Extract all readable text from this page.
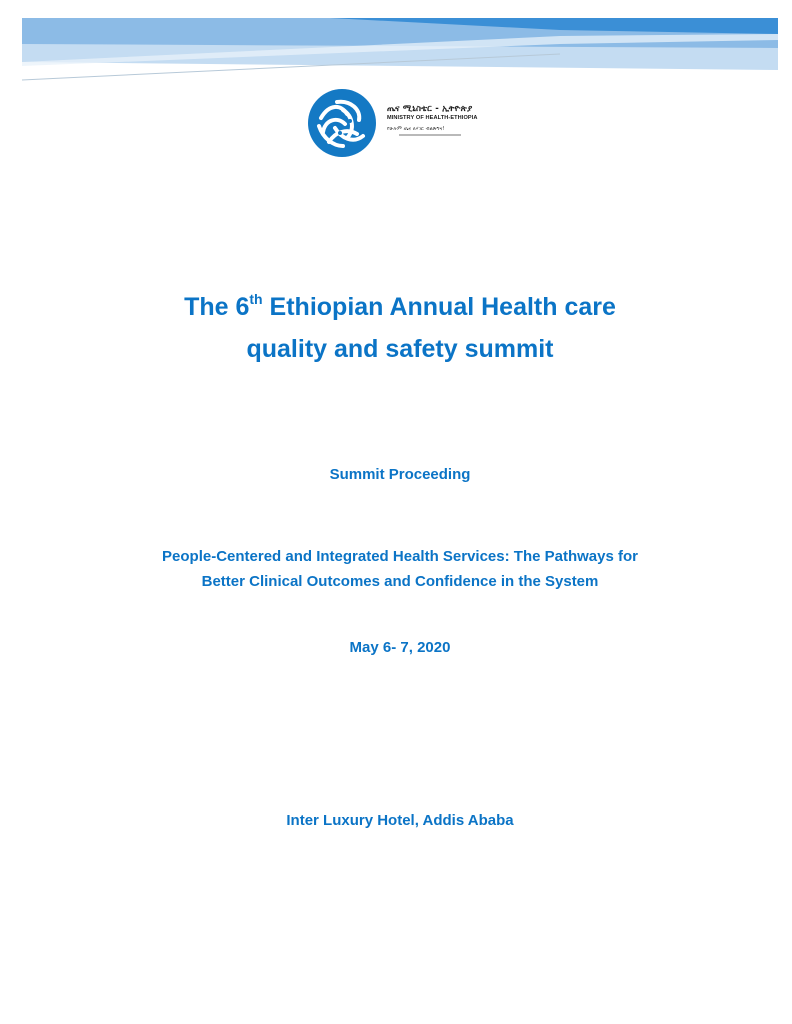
ጤና ሚኒስቴር - ኢትዮጵያ
MINISTRY OF HEALTH-ETHIOPIA
የሁሉም ጤና ለሃገር ብልጽግና!
The 6th Ethiopian Annual Health care
quality and safety summit
Summit Proceeding
People-Centered and Integrated Health Services: The Pathways for
Better Clinical Outcomes and Confidence in the System
May 6- 7, 2020
Inter Luxury Hotel, Addis Ababa
